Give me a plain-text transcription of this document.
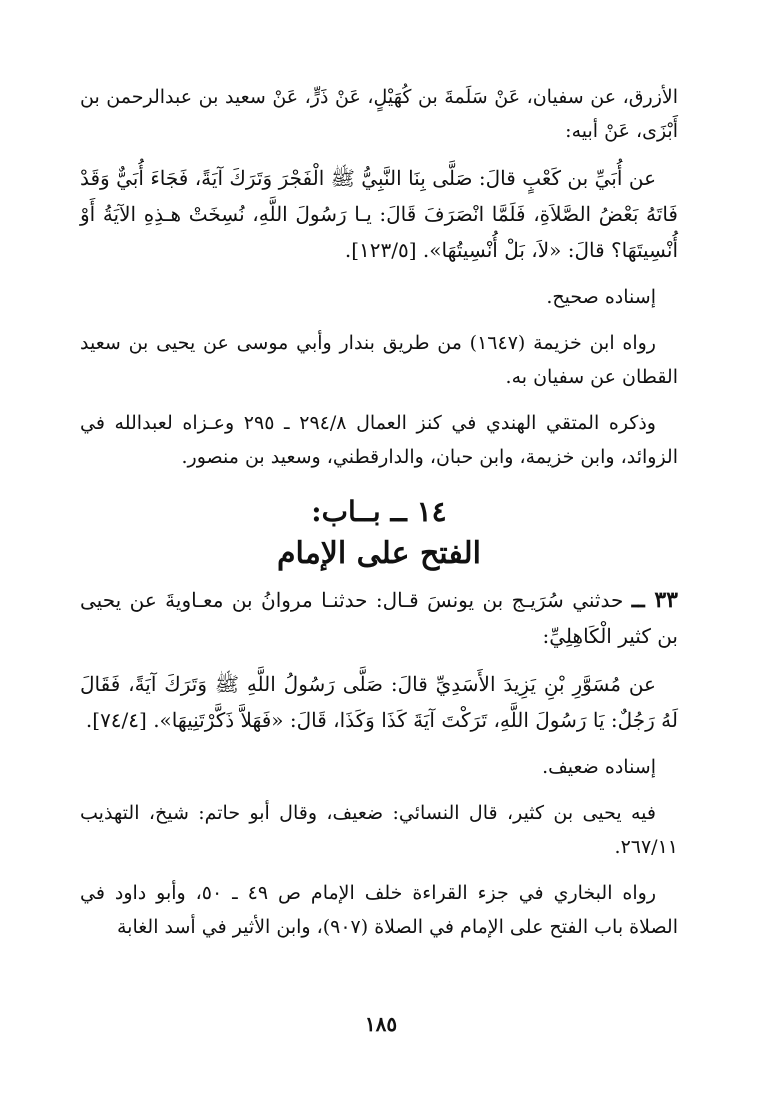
الأزرق، عن سفيان، عَنْ سَلَمةَ بن كُهَيْلٍ، عَنْ ذَرٍّ، عَنْ سعيد بن عبدالرحمن بن أَبْزَى، عَنْ أبيه:

عن أُبَيِّ بن كَعْبٍ قالَ: صَلَّى بِنَا النَّبِيُّ ﷺ الْفَجْرَ وَتَرَكَ آيَةً، فَجَاءَ أُبَيٌّ وَقَدْ فَاتَهُ بَعْضُ الصَّلاَةِ، فَلَمَّا انْصَرَفَ قَالَ: يـا رَسُولَ اللَّهِ، نُسِخَتْ هـذِهِ الآيَةُ أَوْ أُنْسِيتَهَا؟ قالَ: «لاَ، بَلْ أُنْسِيتُهَا». [١٢٣/٥].

إسناده صحيح.

رواه ابن خزيمة (١٦٤٧) من طريق بندار وأبي موسى عن يحيى بن سعيد القطان عن سفيان به.

وذكره المتقي الهندي في كنز العمال ٢٩٤/٨ ـ ٢٩٥ وعـزاه لعبدالله في الزوائد، وابن خزيمة، وابن حبان، والدارقطني، وسعيد بن منصور.

١٤ ــ بــاب:
الفتح على الإمام

٣٣ ــ حدثني سُرَيـج بن يونسَ قـال: حدثنـا مروانُ بن معـاويةَ عن يحيى بن كثير الْكَاهِلِيِّ:

عن مُسَوَّرِ بْنِ يَزِيدَ الأَسَدِيِّ قالَ: صَلَّى رَسُولُ اللَّهِ ﷺ وَتَرَكَ آيَةً، فَقَالَ لَهُ رَجُلٌ: يَا رَسُولَ اللَّهِ، تَرَكْتَ آيَةَ كَذَا وَكَذَا، قَالَ: «فَهَلاَّ ذَكَّرْتَنِيهَا». [٧٤/٤].

إسناده ضعيف.

فيه يحيى بن كثير، قال النسائي: ضعيف، وقال أبو حاتم: شيخ، التهذيب ٢٦٧/١١.

رواه البخاري في جزء القراءة خلف الإمام ص ٤٩ ـ ٥٠، وأبو داود في الصلاة باب الفتح على الإمام في الصلاة (٩٠٧)، وابن الأثير في أسد الغابة

١٨٥
